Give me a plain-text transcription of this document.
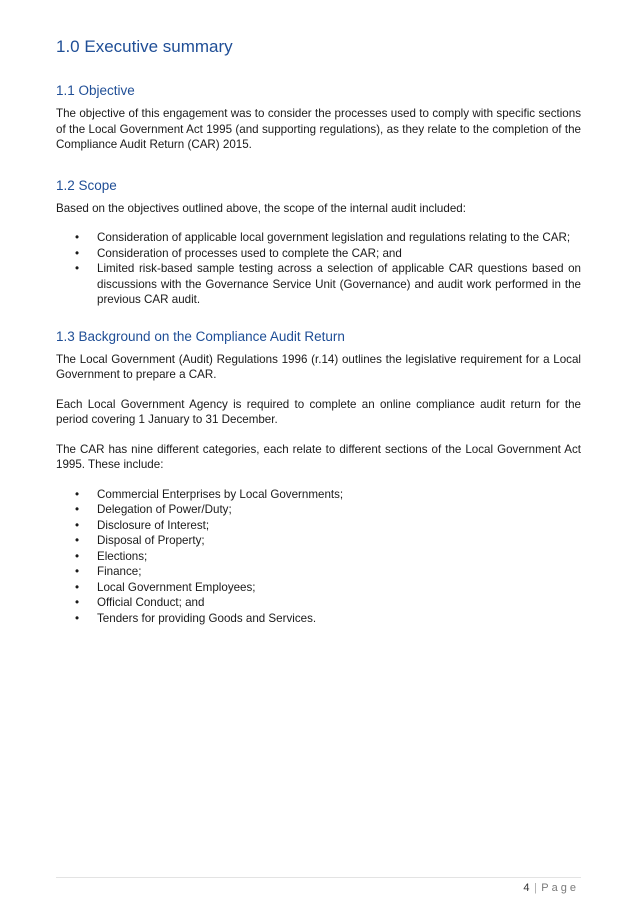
1.0 Executive summary
1.1 Objective

The objective of this engagement was to consider the processes used to comply with specific sections of the Local Government Act 1995 (and supporting regulations), as they relate to the completion of the Compliance Audit Return (CAR) 2015.

1.2 Scope

Based on the objectives outlined above, the scope of the internal audit included:

• Consideration of applicable local government legislation and regulations relating to the CAR;
• Consideration of processes used to complete the CAR; and
• Limited risk-based sample testing across a selection of applicable CAR questions based on discussions with the Governance Service Unit (Governance) and audit work performed in the previous CAR audit.
1.3 Background on the Compliance Audit Return

The Local Government (Audit) Regulations 1996 (r.14) outlines the legislative requirement for a Local Government to prepare a CAR.

Each Local Government Agency is required to complete an online compliance audit return for the period covering 1 January to 31 December.

The CAR has nine different categories, each relate to different sections of the Local Government Act 1995. These include:

• Commercial Enterprises by Local Governments;
• Delegation of Power/Duty;
• Disclosure of Interest;
• Disposal of Property;
• Elections;
• Finance;
• Local Government Employees;
• Official Conduct; and
• Tenders for providing Goods and Services.
4 | Page
